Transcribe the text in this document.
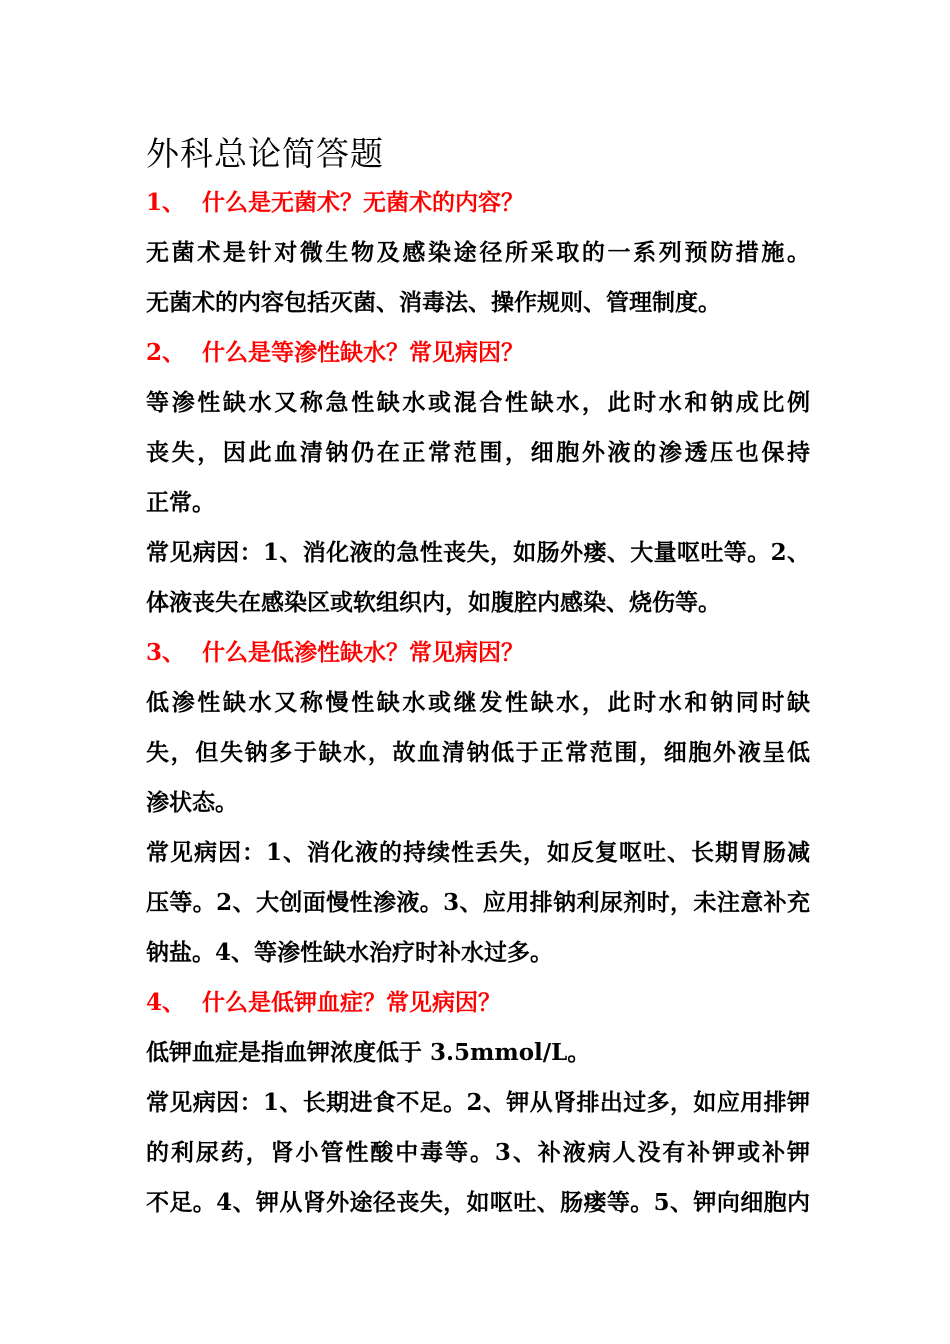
外科总论简答题
1、 什么是无菌术？无菌术的内容？
无菌术是针对微生物及感染途径所采取的一系列预防措施。
无菌术的内容包括灭菌、消毒法、操作规则、管理制度。
2、 什么是等渗性缺水？常见病因？
等渗性缺水又称急性缺水或混合性缺水，此时水和钠成比例
丧失，因此血清钠仍在正常范围，细胞外液的渗透压也保持
正常。
常见病因：1、消化液的急性丧失，如肠外瘘、大量呕吐等。2、
体液丧失在感染区或软组织内，如腹腔内感染、烧伤等。
3、 什么是低渗性缺水？常见病因？
低渗性缺水又称慢性缺水或继发性缺水，此时水和钠同时缺
失，但失钠多于缺水，故血清钠低于正常范围，细胞外液呈低
渗状态。
常见病因：1、消化液的持续性丢失，如反复呕吐、长期胃肠减
压等。2、大创面慢性渗液。3、应用排钠利尿剂时，未注意补充
钠盐。4、等渗性缺水治疗时补水过多。
4、 什么是低钾血症？常见病因？
低钾血症是指血钾浓度低于 3.5mmol/L。
常见病因：1、长期进食不足。2、钾从肾排出过多，如应用排钾
的利尿药，肾小管性酸中毒等。3、补液病人没有补钾或补钾
不足。4、钾从肾外途径丧失，如呕吐、肠瘘等。5、钾向细胞内
